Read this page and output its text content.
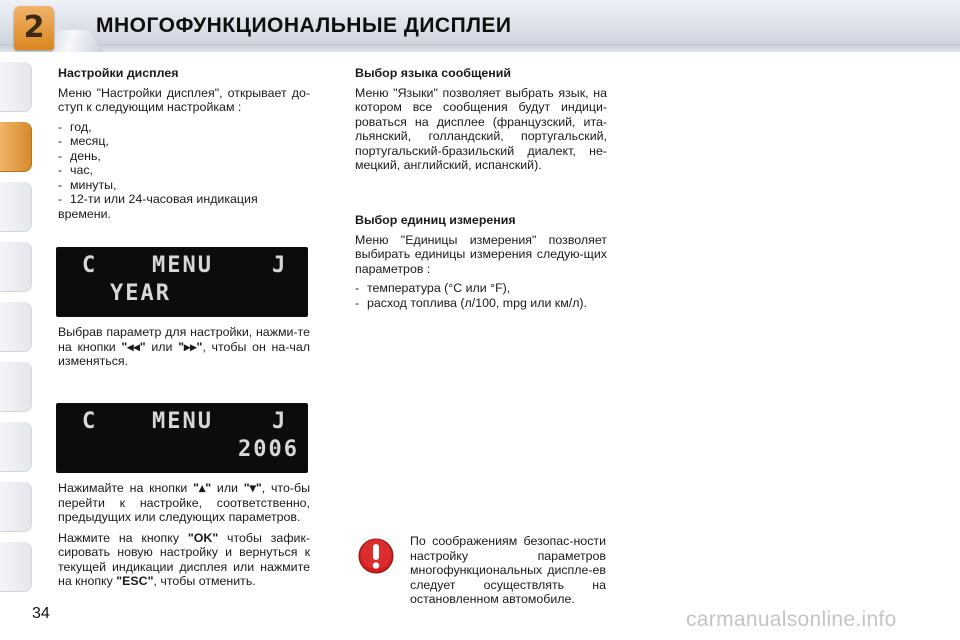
2	МНОГОФУНКЦИОНАЛЬНЫЕ ДИСПЛЕИ
Настройки дисплея

Меню "Настройки дисплея", открывает до-ступ к следующим настройкам :

- год,
- месяц,
- день,
- час,
- минуты,
- 12-ти или 24-часовая индикация времени.
C MENU	J
YEAR

Выбрав параметр для настройки, нажми-те на кнопки "◂◂" или "▸▸", чтобы он на-чал изменяться.

C MENU	J
2006

Нажимайте на кнопки "▴" или "▾", что-бы перейти к настройке, соответственно, предыдущих или следующих параметров.

Нажмите на кнопку "OK" чтобы зафик-сировать новую настройку и вернуться к текущей индикации дисплея или нажмите на кнопку "ESC", чтобы отменить.

Выбор языка сообщений

Меню "Языки" позволяет выбрать язык, на котором все сообщения будут индици-роваться на дисплее (французский, ита-льянский, голландский, португальский, португальский-бразильский диалект, не-мецкий, английский, испанский).

Выбор единиц измерения

Меню "Единицы измерения" позволяет выбирать единицы измерения следую-щих параметров :

- температура (°C или °F),
- расход топлива (л/100, mpg или км/л).

По соображениям безопас-ности настройку параметров многофункциональных диспле-ев следует осуществлять на остановленном автомобиле.

34	carmanualsonline.info
